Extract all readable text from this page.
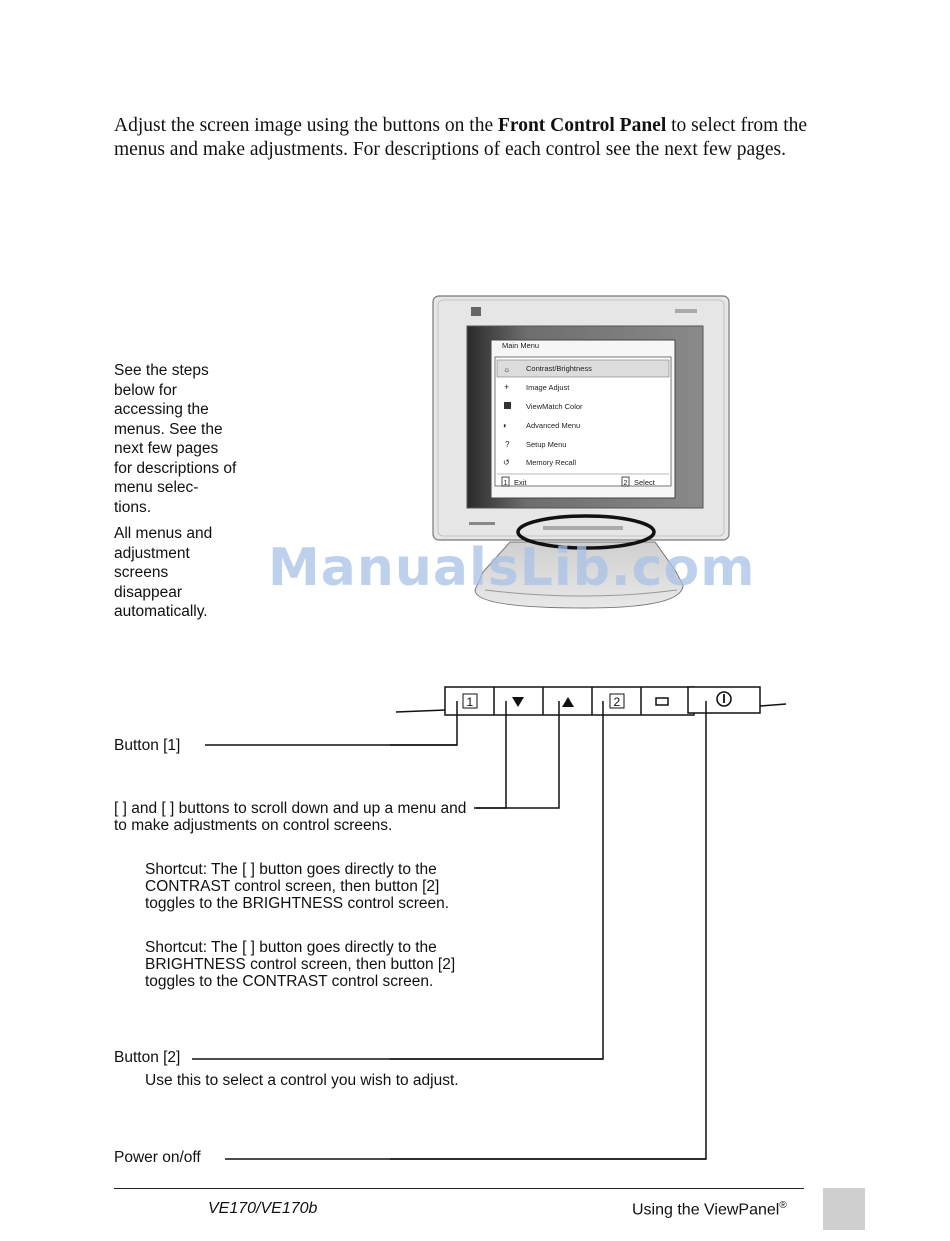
Adjust the screen image using the buttons on the Front Control Panel to select from the menus and make adjustments. For descriptions of each control see the next few pages.

See the steps below for accessing the menus. See the next few pages for descriptions of menu selec- tions.

All menus and adjustment screens disappear automatically.

Main Menu
☼ Contrast/Brightness
+ Image Adjust
ViewMatch Color
◐ Advanced Menu
? Setup Menu
↺ Memory Recall
1 Exit	2 Select
ManualsLib.com
1	2
Button [1]
[ ] and [ ] buttons to scroll down and up a menu and to make adjustments on control screens.
Shortcut: The [ ] button goes directly to the CONTRAST control screen, then button [2] toggles to the BRIGHTNESS control screen.
Shortcut: The [ ] button goes directly to the BRIGHTNESS control screen, then button [2] toggles to the CONTRAST control screen.
Button [2]
Use this to select a control you wish to adjust.
Power on/off
VE170/VE170b	Using the ViewPanel®
